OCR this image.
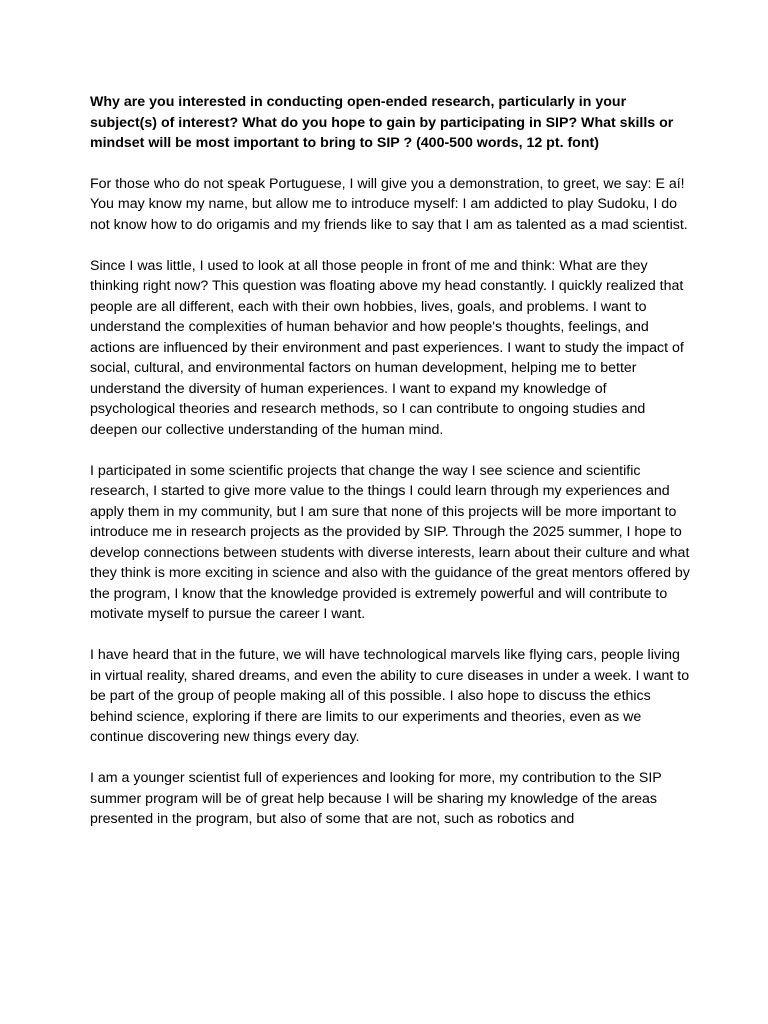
Why are you interested in conducting open-ended research, particularly in your subject(s) of interest? What do you hope to gain by participating in SIP? What skills or mindset will be most important to bring to SIP ? (400-500 words, 12 pt. font)

For those who do not speak Portuguese, I will give you a demonstration, to greet, we say: E aí! You may know my name, but allow me to introduce myself: I am addicted to play Sudoku, I do not know how to do origamis and my friends like to say that I am as talented as a mad scientist.

Since I was little, I used to look at all those people in front of me and think: What are they thinking right now? This question was floating above my head constantly. I quickly realized that people are all different, each with their own hobbies, lives, goals, and problems. I want to understand the complexities of human behavior and how people's thoughts, feelings, and actions are influenced by their environment and past experiences. I want to study the impact of social, cultural, and environmental factors on human development, helping me to better understand the diversity of human experiences. I want to expand my knowledge of psychological theories and research methods, so I can contribute to ongoing studies and deepen our collective understanding of the human mind.

I participated in some scientific projects that change the way I see science and scientific research, I started to give more value to the things I could learn through my experiences and apply them in my community, but I am sure that none of this projects will be more important to introduce me in research projects as the provided by SIP. Through the 2025 summer, I hope to develop connections between students with diverse interests, learn about their culture and what they think is more exciting in science and also with the guidance of the great mentors offered by the program, I know that the knowledge provided is extremely powerful and will contribute to motivate myself to pursue the career I want.

I have heard that in the future, we will have technological marvels like flying cars, people living in virtual reality, shared dreams, and even the ability to cure diseases in under a week. I want to be part of the group of people making all of this possible. I also hope to discuss the ethics behind science, exploring if there are limits to our experiments and theories, even as we continue discovering new things every day.

I am a younger scientist full of experiences and looking for more, my contribution to the SIP summer program will be of great help because I will be sharing my knowledge of the areas presented in the program, but also of some that are not, such as robotics and
